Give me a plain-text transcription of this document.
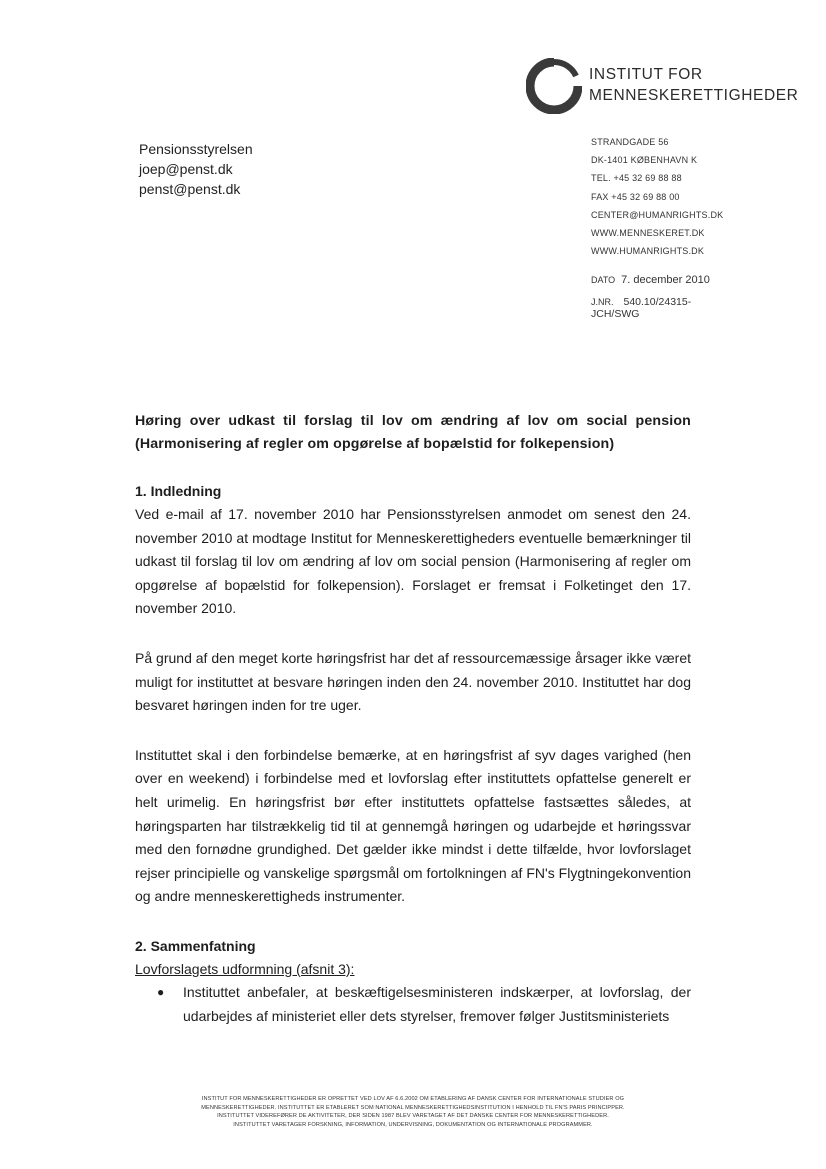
INSTITUT FOR
MENNESKERETTIGHEDER
Pensionsstyrelsen
joep@penst.dk
penst@penst.dk
STRANDGADE 56
DK-1401 KØBENHAVN K
TEL. +45 32 69 88 88
FAX +45 32 69 88 00
CENTER@HUMANRIGHTS.DK
WWW.MENNESKERET.DK
WWW.HUMANRIGHTS.DK
DATO 7. december 2010
J.NR. 540.10/24315-
JCH/SWG
Høring over udkast til forslag til lov om ændring af lov om social pension
(Harmonisering af regler om opgørelse af bopælstid for folkepension)
1. Indledning

Ved e-mail af 17. november 2010 har Pensionsstyrelsen anmodet om senest den 24. november 2010 at modtage Institut for Menneskerettigheders eventuelle bemærkninger til udkast til forslag til lov om ændring af lov om social pension (Harmonisering af regler om opgørelse af bopælstid for folkepension). Forslaget er fremsat i Folketinget den 17. november 2010.

På grund af den meget korte høringsfrist har det af ressourcemæssige årsager ikke været muligt for instituttet at besvare høringen inden den 24. november 2010. Instituttet har dog besvaret høringen inden for tre uger.

Instituttet skal i den forbindelse bemærke, at en høringsfrist af syv dages varighed (hen over en weekend) i forbindelse med et lovforslag efter instituttets opfattelse generelt er helt urimelig. En høringsfrist bør efter instituttets opfattelse fastsættes således, at høringsparten har tilstrækkelig tid til at gennemgå høringen og udarbejde et høringssvar med den fornødne grundighed. Det gælder ikke mindst i dette tilfælde, hvor lovforslaget rejser principielle og vanskelige spørgsmål om fortolkningen af FN's Flygtningekonvention og andre menneskerettigheds instrumenter.

2. Sammenfatning
Lovforslagets udformning (afsnit 3):
● Instituttet anbefaler, at beskæftigelsesministeren indskærper, at lovforslag, der udarbejdes af ministeriet eller dets styrelser, fremover følger Justitsministeriets
INSTITUT FOR MENNESKERETTIGHEDER ER OPRETTET VED LOV AF 6.6.2002 OM ETABLERING AF DANSK CENTER FOR INTERNATIONALE STUDIER OG
MENNESKERETTIGHEDER. INSTITUTTET ER ETABLERET SOM NATIONAL MENNESKERETTIGHEDSINSTITUTION I HENHOLD TIL FN'S PARIS PRINCIPPER.
INSTITUTTET VIDEREFØRER DE AKTIVITETER, DER SIDEN 1987 BLEV VARETAGET AF DET DANSKE CENTER FOR MENNESKERETTIGHEDER.
INSTITUTTET VARETAGER FORSKNING, INFORMATION, UNDERVISNING, DOKUMENTATION OG INTERNATIONALE PROGRAMMER.
